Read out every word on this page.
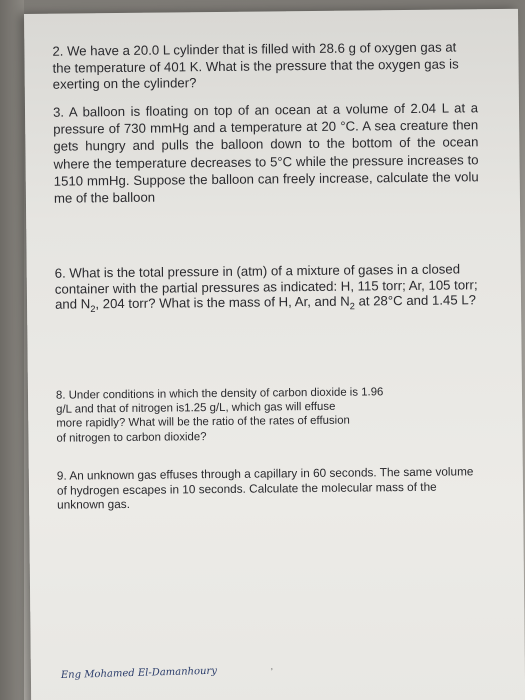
2. We have a 20.0 L cylinder that is filled with 28.6 g of oxygen gas at the temperature of 401 K. What is the pressure that the oxygen gas is exerting on the cylinder?

3. A balloon is floating on top of an ocean at a volume of 2.04 L at a pressure of 730 mmHg and a temperature at 20 °C. A sea creature then gets hungry and pulls the balloon down to the bottom of the ocean where the temperature decreases to 5°C while the pressure increases to 1510 mmHg. Suppose the balloon can freely increase, calculate the volu me of the balloon

6. What is the total pressure in (atm) of a mixture of gases in a closed container with the partial pressures as indicated: H, 115 torr; Ar, 105 torr; and $N_2$, 204 torr? What is the mass of H, Ar, and $N_2$ at 28°C and 1.45 L?

8. Under conditions in which the density of carbon dioxide is 1.96
g/L and that of nitrogen is1.25 g/L, which gas will effuse
more rapidly? What will be the ratio of the rates of effusion
of nitrogen to carbon dioxide?

9. An unknown gas effuses through a capillary in 60 seconds. The same volume of hydrogen escapes in 10 seconds. Calculate the molecular mass of the unknown gas.

’
Eng Mohamed El-Damanhoury
